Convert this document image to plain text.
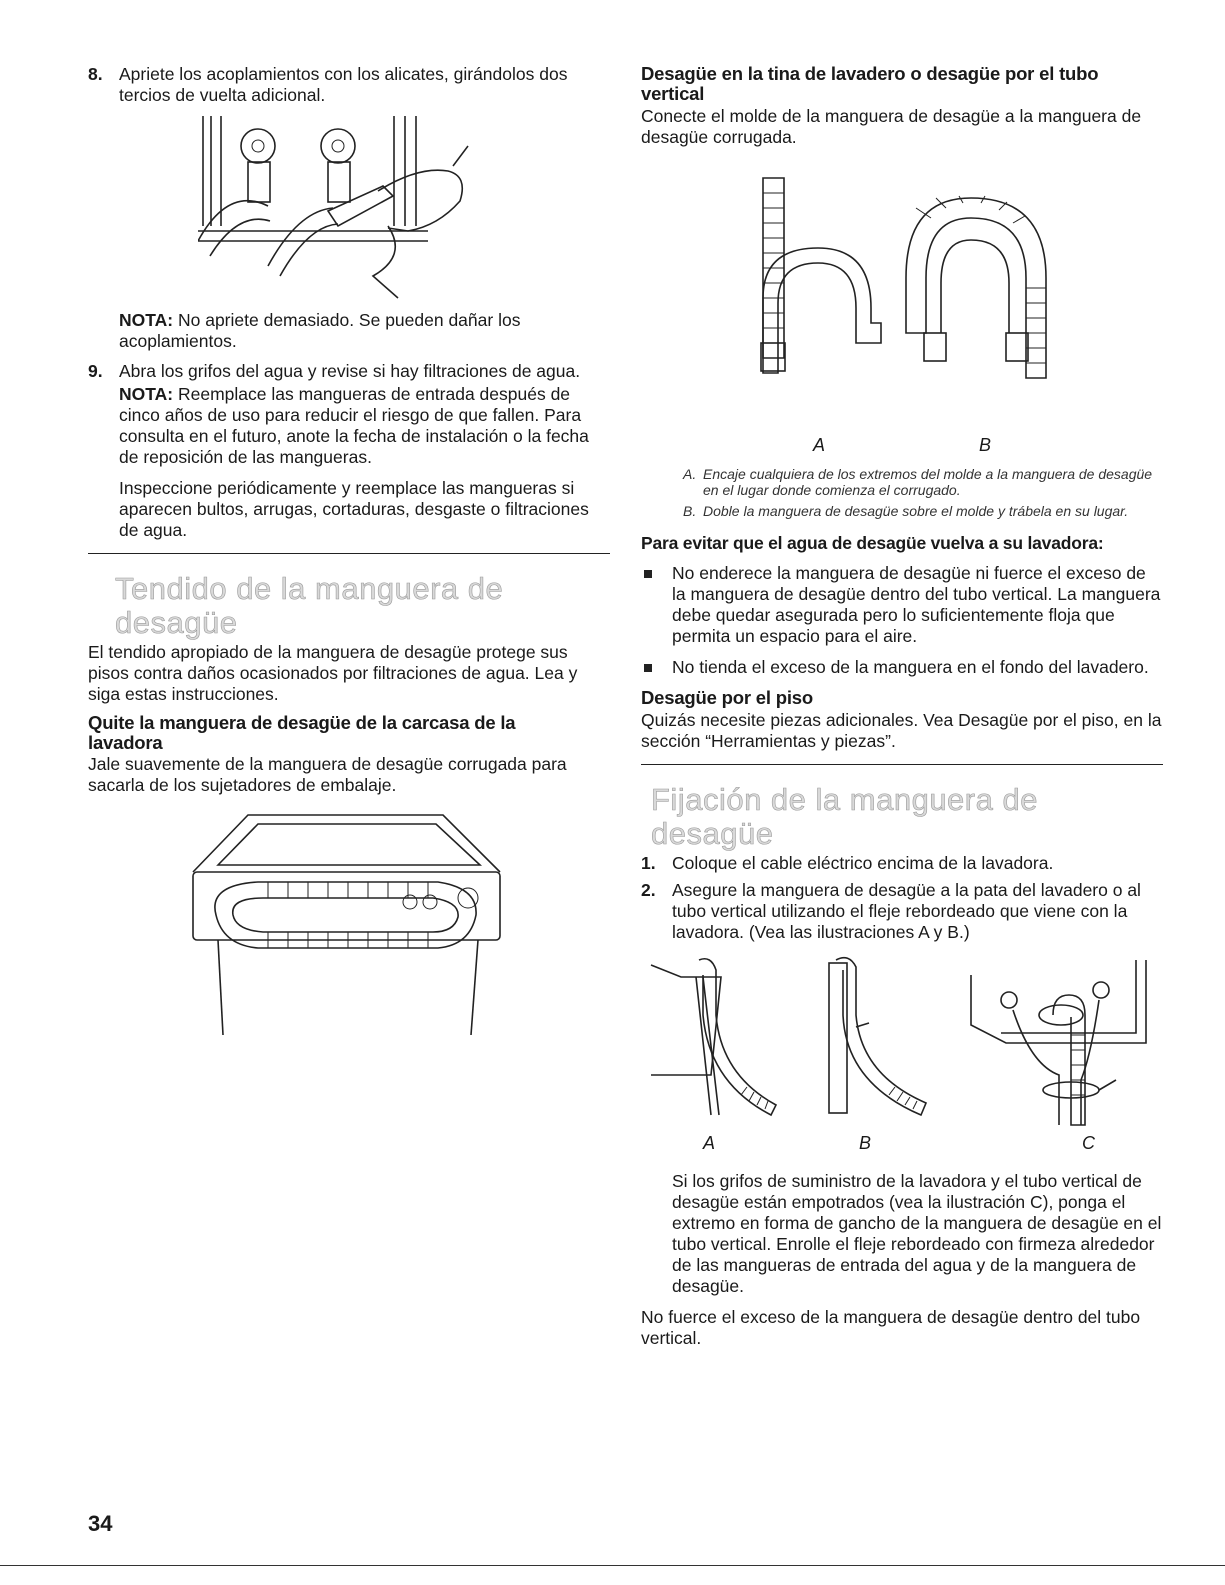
8. Apriete los acoplamientos con los alicates, girándolos dos tercios de vuelta adicional.

NOTA: No apriete demasiado. Se pueden dañar los acoplamientos.

9. Abra los grifos del agua y revise si hay filtraciones de agua.

NOTA: Reemplace las mangueras de entrada después de cinco años de uso para reducir el riesgo de que fallen. Para consulta en el futuro, anote la fecha de instalación o la fecha de reposición de las mangueras.

Inspeccione periódicamente y reemplace las mangueras si aparecen bultos, arrugas, cortaduras, desgaste o filtraciones de agua.

Tendido de la manguera de desagüe

El tendido apropiado de la manguera de desagüe protege sus pisos contra daños ocasionados por filtraciones de agua. Lea y siga estas instrucciones.

Quite la manguera de desagüe de la carcasa de la lavadora

Jale suavemente de la manguera de desagüe corrugada para sacarla de los sujetadores de embalaje.

Desagüe en la tina de lavadero o desagüe por el tubo vertical

Conecte el molde de la manguera de desagüe a la manguera de desagüe corrugada.

A	B
A. Encaje cualquiera de los extremos del molde a la manguera de desagüe en el lugar donde comienza el corrugado.
B. Doble la manguera de desagüe sobre el molde y trábela en su lugar.
Para evitar que el agua de desagüe vuelva a su lavadora:

No enderece la manguera de desagüe ni fuerce el exceso de la manguera de desagüe dentro del tubo vertical. La manguera debe quedar asegurada pero lo suficientemente floja que permita un espacio para el aire.

No tienda el exceso de la manguera en el fondo del lavadero.

Desagüe por el piso

Quizás necesite piezas adicionales. Vea Desagüe por el piso, en la sección “Herramientas y piezas”.

Fijación de la manguera de desagüe
1. Coloque el cable eléctrico encima de la lavadora.

2. Asegure la manguera de desagüe a la pata del lavadero o al tubo vertical utilizando el fleje rebordeado que viene con la lavadora. (Vea las ilustraciones A y B.)

A	B	C

Si los grifos de suministro de la lavadora y el tubo vertical de desagüe están empotrados (vea la ilustración C), ponga el extremo en forma de gancho de la manguera de desagüe en el tubo vertical. Enrolle el fleje rebordeado con firmeza alrededor de las mangueras de entrada del agua y de la manguera de desagüe.

No fuerce el exceso de la manguera de desagüe dentro del tubo vertical.

34
